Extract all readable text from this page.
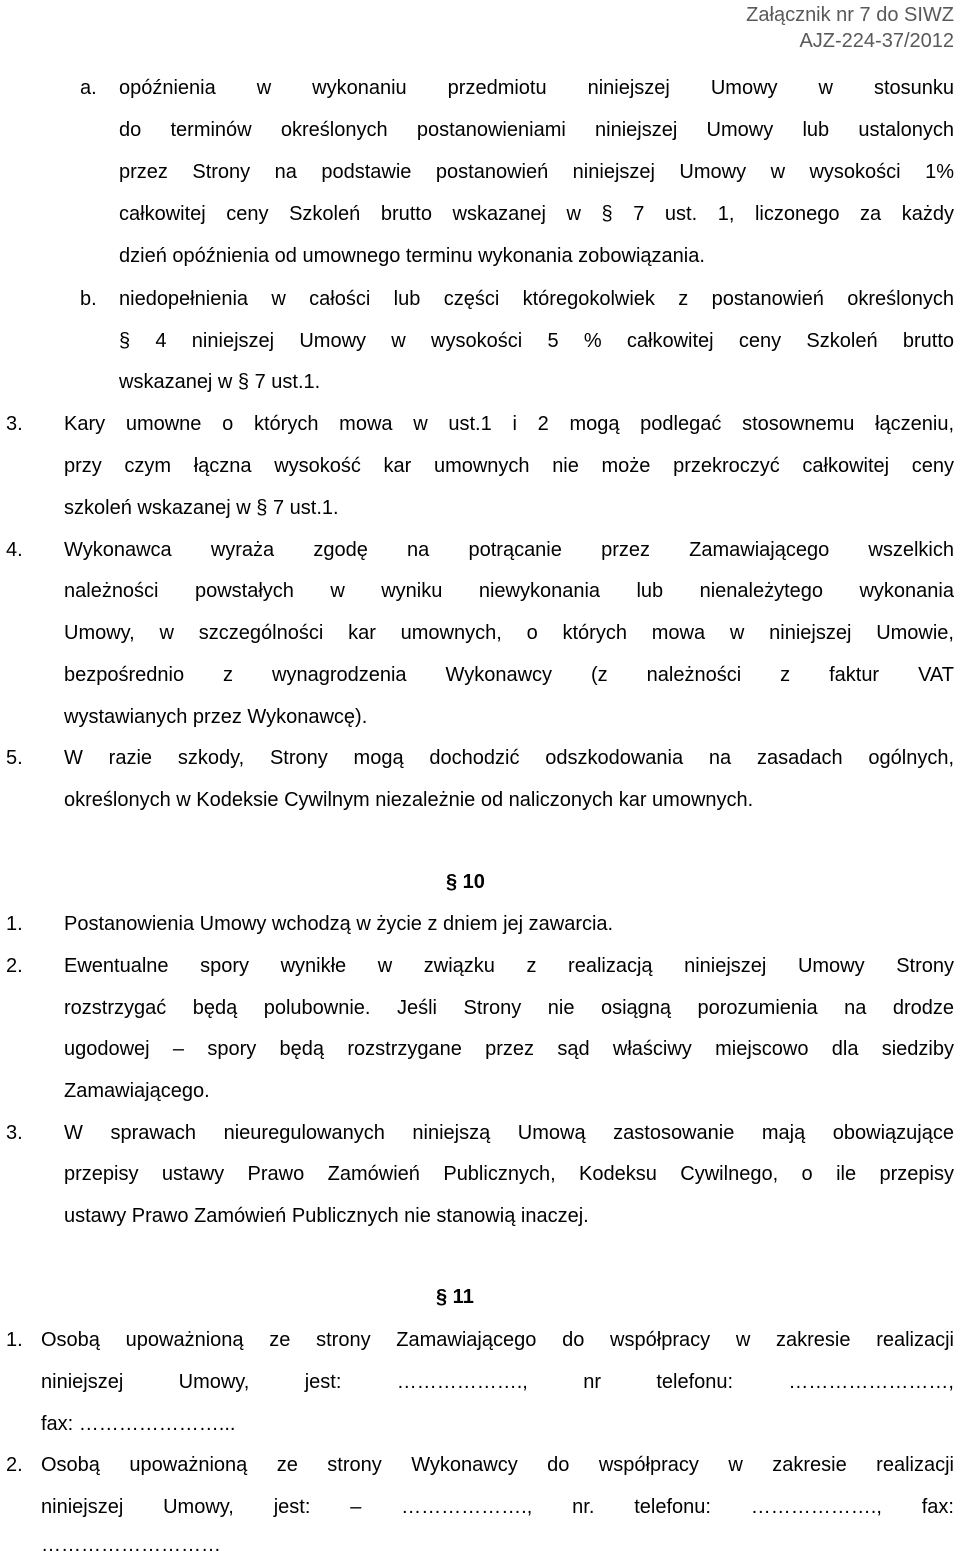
Załącznik nr 7 do SIWZ
AJZ-224-37/2012
a. opóźnienia w wykonaniu przedmiotu niniejszej Umowy w stosunku
do terminów określonych postanowieniami niniejszej Umowy lub ustalonych
przez Strony na podstawie postanowień niniejszej Umowy w wysokości 1%
całkowitej ceny Szkoleń brutto wskazanej w § 7 ust. 1, liczonego za każdy
dzień opóźnienia od umownego terminu wykonania zobowiązania.
b. niedopełnienia w całości lub części któregokolwiek z postanowień określonych
§ 4 niniejszej Umowy w wysokości 5 % całkowitej ceny Szkoleń brutto
wskazanej w § 7 ust.1.
3. Kary umowne o których mowa w ust.1 i 2 mogą podlegać stosownemu łączeniu,
przy czym łączna wysokość kar umownych nie może przekroczyć całkowitej ceny
szkoleń wskazanej w § 7 ust.1.
4. Wykonawca wyraża zgodę na potrącanie przez Zamawiającego wszelkich
należności powstałych w wyniku niewykonania lub nienależytego wykonania
Umowy, w szczególności kar umownych, o których mowa w niniejszej Umowie,
bezpośrednio z wynagrodzenia Wykonawcy (z należności z faktur VAT
wystawianych przez Wykonawcę).
5. W razie szkody, Strony mogą dochodzić odszkodowania na zasadach ogólnych,
określonych w Kodeksie Cywilnym niezależnie od naliczonych kar umownych.
§ 10
1. Postanowienia Umowy wchodzą w życie z dniem jej zawarcia.
2. Ewentualne spory wynikłe w związku z realizacją niniejszej Umowy Strony
rozstrzygać będą polubownie. Jeśli Strony nie osiągną porozumienia na drodze
ugodowej – spory będą rozstrzygane przez sąd właściwy miejscowo dla siedziby
Zamawiającego.
3. W sprawach nieuregulowanych niniejszą Umową zastosowanie mają obowiązujące
przepisy ustawy Prawo Zamówień Publicznych, Kodeksu Cywilnego, o ile przepisy
ustawy Prawo Zamówień Publicznych nie stanowią inaczej.
§ 11
1. Osobą upoważnioną ze strony Zamawiającego do współpracy w zakresie realizacji
niniejszej Umowy, jest: ………………., nr telefonu: ……………………,
fax: …………………...
2. Osobą upoważnioną ze strony Wykonawcy do współpracy w zakresie realizacji
niniejszej Umowy, jest: – ………………., nr. telefonu: ………………., fax:
………………………
